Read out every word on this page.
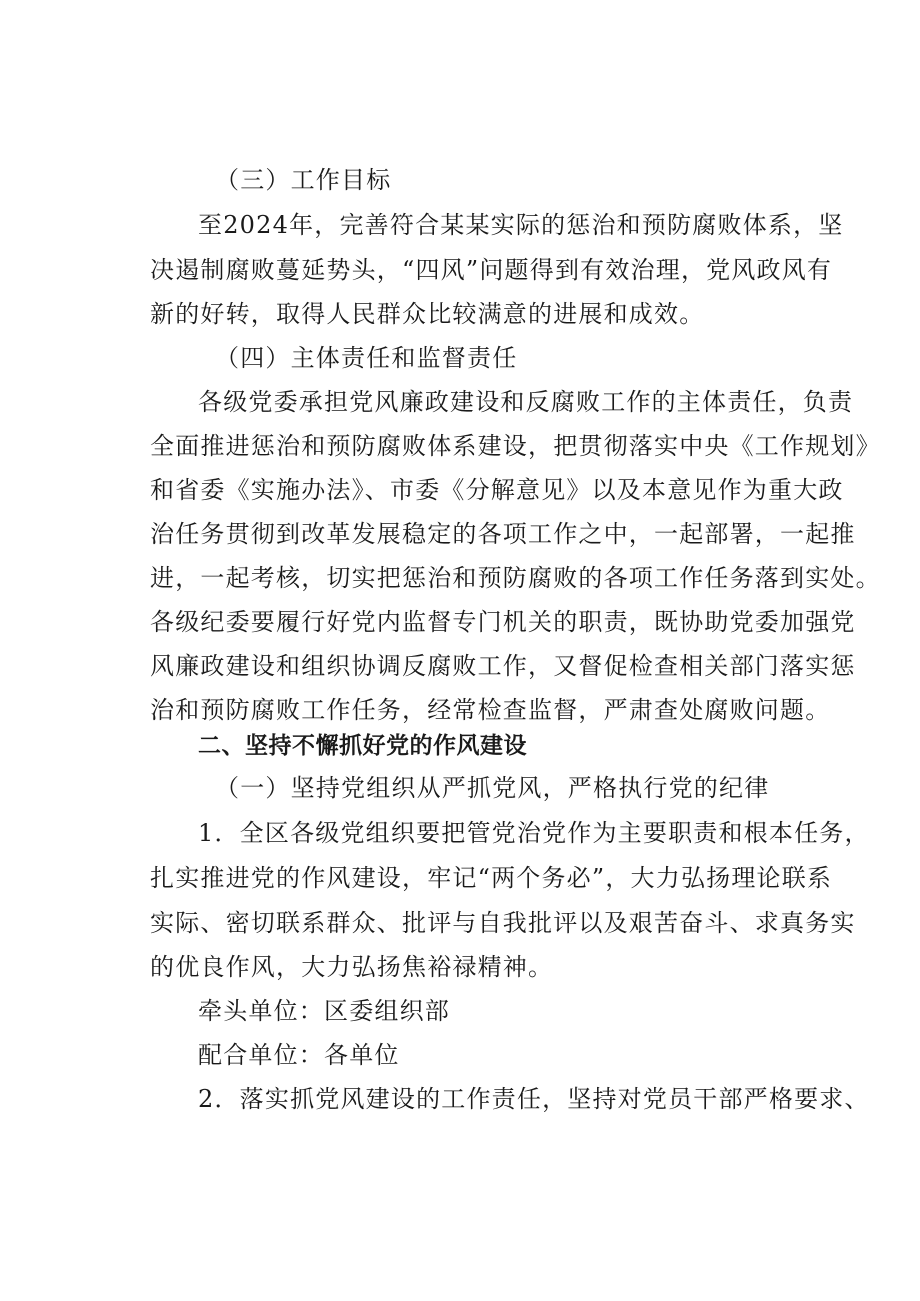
（三）工作目标
至2024年，完善符合某某实际的惩治和预防腐败体系，坚
决遏制腐败蔓延势头，“四风”问题得到有效治理，党风政风有
新的好转，取得人民群众比较满意的进展和成效。
（四）主体责任和监督责任
各级党委承担党风廉政建设和反腐败工作的主体责任，负责
全面推进惩治和预防腐败体系建设，把贯彻落实中央《工作规划》
和省委《实施办法》、市委《分解意见》以及本意见作为重大政
治任务贯彻到改革发展稳定的各项工作之中，一起部署，一起推
进，一起考核，切实把惩治和预防腐败的各项工作任务落到实处。
各级纪委要履行好党内监督专门机关的职责，既协助党委加强党
风廉政建设和组织协调反腐败工作，又督促检查相关部门落实惩
治和预防腐败工作任务，经常检查监督，严肃查处腐败问题。
二、坚持不懈抓好党的作风建设
（一）坚持党组织从严抓党风，严格执行党的纪律
1．全区各级党组织要把管党治党作为主要职责和根本任务，
扎实推进党的作风建设，牢记“两个务必”，大力弘扬理论联系
实际、密切联系群众、批评与自我批评以及艰苦奋斗、求真务实
的优良作风，大力弘扬焦裕禄精神。
牵头单位：区委组织部
配合单位：各单位
2．落实抓党风建设的工作责任，坚持对党员干部严格要求、
